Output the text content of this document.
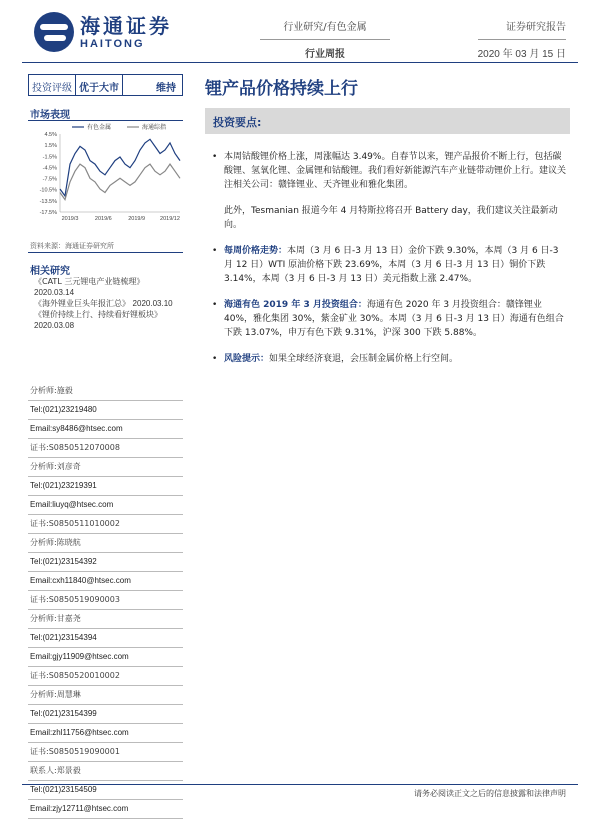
海通证券
HAITONG
行业研究/有色金属
行业周报
证券研究报告
2020 年 03 月 15 日
投资评级 优于大市	维持	锂产品价格持续上行
市场表现
4.5%
1.5%
-1.5%
-4.5%
-7.5%
-10.5%
-13.5%
-17.5%
2019/3	2019/6	2019/9	2019/12
有色金属	海通综指
资料来源：海通证券研究所
相关研究
《CATL 三元锂电产业链梳理》
2020.03.14
《海外锂业巨头年报汇总》 2020.03.10
《锂价持续上行、持续看好锂板块》
2020.03.08
分析师:施毅
Tel:(021)23219480
Email:sy8486@htsec.com
证书:S0850512070008
分析师:刘彦奇
Tel:(021)23219391
Email:liuyq@htsec.com
证书:S0850511010002
分析师:陈晓航
Tel:(021)23154392
Email:cxh11840@htsec.com
证书:S0850519090003
分析师:甘嘉尧
Tel:(021)23154394
Email:gjy11909@htsec.com
证书:S0850520010002
分析师:周慧琳
Tel:(021)23154399
Email:zhl11756@htsec.com
证书:S0850519090001
联系人:郑景毅
Tel:(021)23154509
Email:zjy12711@htsec.com
投资要点:
• 本周钴酸锂价格上涨，周涨幅达 3.49%。自春节以来，锂产品报价不断上行，包括碳酸锂、氢氧化锂、金属锂和钴酸锂。我们看好新能源汽车产业链带动锂价上行。建议关注相关公司：赣锋锂业、天齐锂业和雅化集团。
此外，Tesmanian 报道今年 4 月特斯拉将召开 Battery day，我们建议关注最新动向。
• 每周价格走势：本周（3 月 6 日-3 月 13 日）金价下跌 9.30%，本周（3 月 6 日-3 月 12 日）WTI 原油价格下跌 23.69%，本周（3 月 6 日-3 月 13 日）铜价下跌 3.14%，本周（3 月 6 日-3 月 13 日）美元指数上涨 2.47%。
• 海通有色 2019 年 3 月投资组合：海通有色 2020 年 3 月投资组合：赣锋锂业 40%，雅化集团 30%，紫金矿业 30%。本周（3 月 6 日-3 月 13 日）海通有色组合下跌 13.07%，申万有色下跌 9.31%，沪深 300 下跌 5.88%。
• 风险提示：如果全球经济衰退，会压制金属价格上行空间。
请务必阅读正文之后的信息披露和法律声明
